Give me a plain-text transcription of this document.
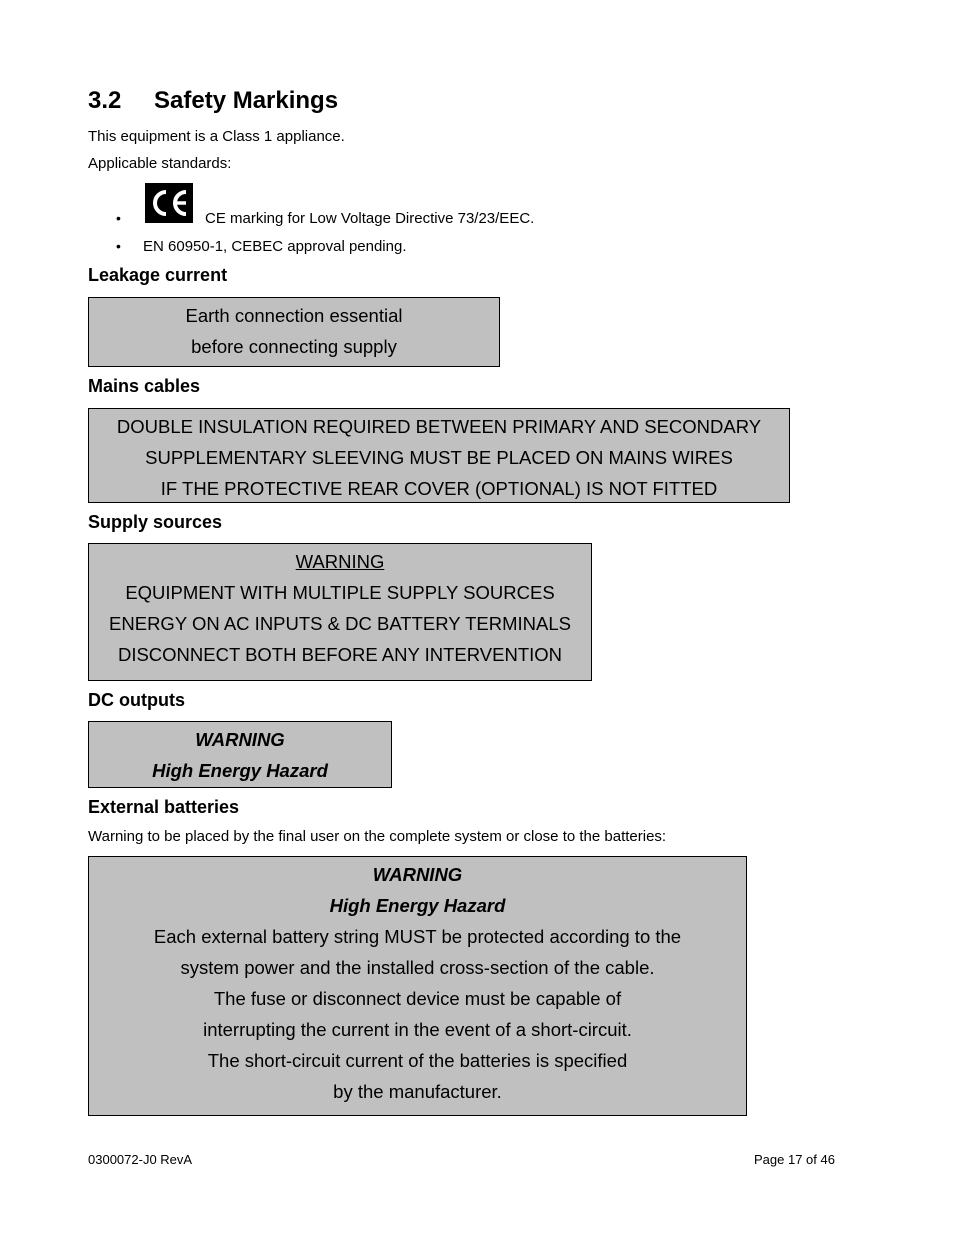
3.2 Safety Markings
This equipment is a Class 1 appliance.
Applicable standards:
•	CE marking for Low Voltage Directive 73/23/EEC.
• EN 60950-1, CEBEC approval pending.
Leakage current
Earth connection essential
before connecting supply
Mains cables
DOUBLE INSULATION REQUIRED BETWEEN PRIMARY AND SECONDARY
SUPPLEMENTARY SLEEVING MUST BE PLACED ON MAINS WIRES
IF THE PROTECTIVE REAR COVER (OPTIONAL) IS NOT FITTED
Supply sources
WARNING
EQUIPMENT WITH MULTIPLE SUPPLY SOURCES
ENERGY ON AC INPUTS & DC BATTERY TERMINALS
DISCONNECT BOTH BEFORE ANY INTERVENTION
DC outputs
WARNING
High Energy Hazard
External batteries
Warning to be placed by the final user on the complete system or close to the batteries:
WARNING
High Energy Hazard
Each external battery string MUST be protected according to the
system power and the installed cross-section of the cable.
The fuse or disconnect device must be capable of
interrupting the current in the event of a short-circuit.
The short-circuit current of the batteries is specified
by the manufacturer.
0300072-J0 RevA	Page 17 of 46
